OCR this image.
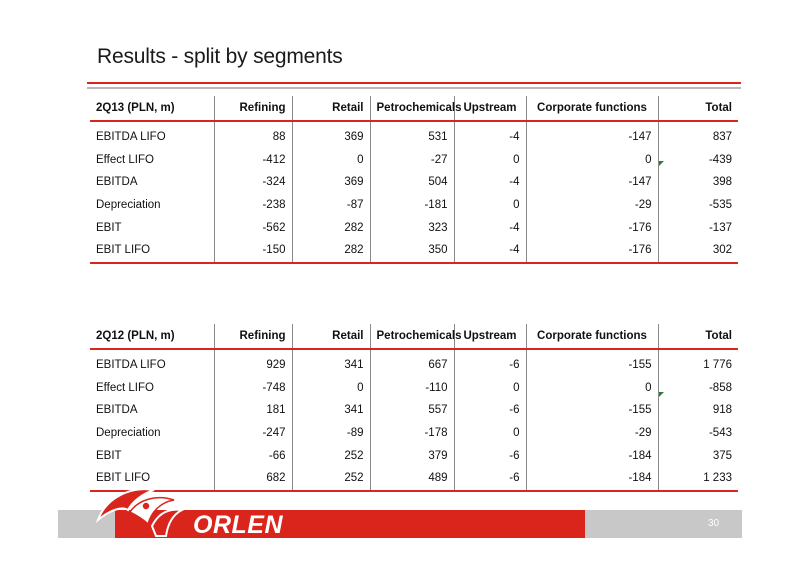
Results - split by segments
2Q13 (PLN, m)	Refining	Retail	Petrochemicals	Upstream	Corporate functions	Total
EBITDA LIFO	88	369	531	-4	-147	837
Effect LIFO	-412	0	-27	0	0	-439
EBITDA	-324	369	504	-4	-147	398
Depreciation	-238	-87	-181	0	-29	-535
EBIT	-562	282	323	-4	-176	-137
EBIT LIFO	-150	282	350	-4	-176	302
2Q12 (PLN, m)	Refining	Retail	Petrochemicals	Upstream	Corporate functions	Total
EBITDA LIFO	929	341	667	-6	-155	1 776
Effect LIFO	-748	0	-110	0	0	-858
EBITDA	181	341	557	-6	-155	918
Depreciation	-247	-89	-178	0	-29	-543
EBIT	-66	252	379	-6	-184	375
EBIT LIFO	682	252	489	-6	-184	1 233
ORLEN	30
